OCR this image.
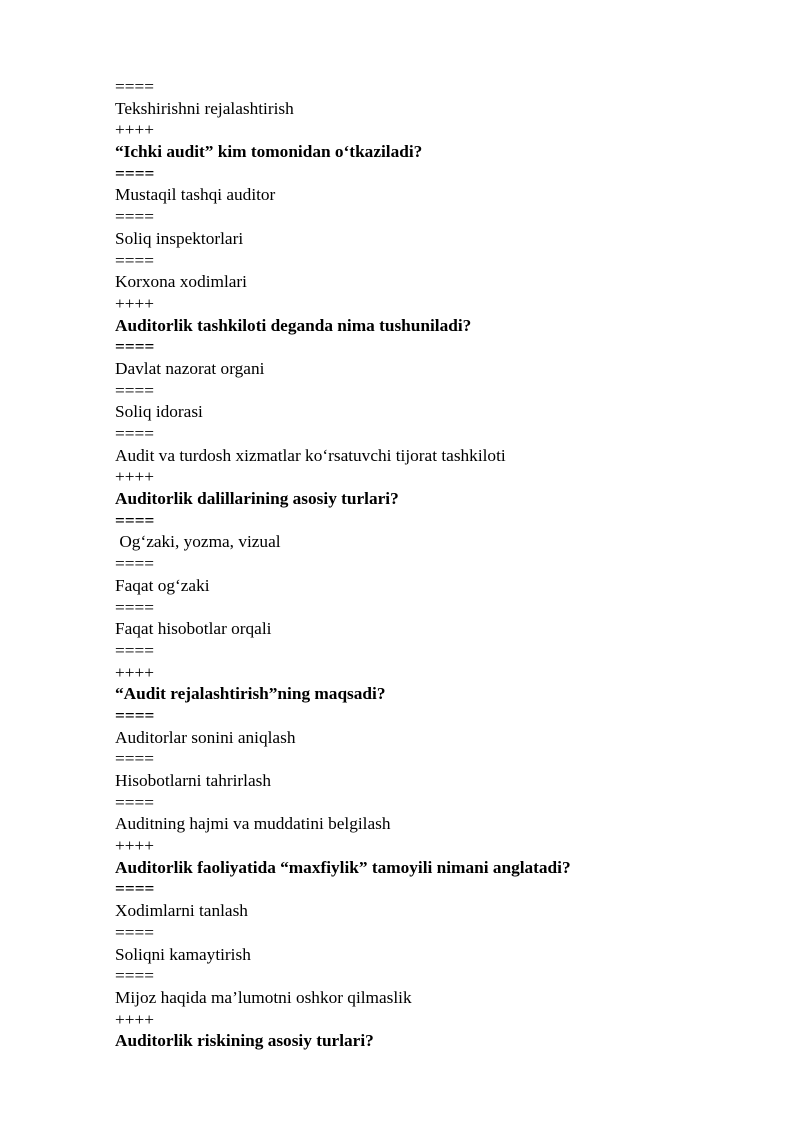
====
Tekshirishni rejalashtirish
++++
“Ichki audit” kim tomonidan o‘tkaziladi?
====
Mustaqil tashqi auditor
====
Soliq inspektorlari
====
Korxona xodimlari
++++
Auditorlik tashkiloti deganda nima tushuniladi?
====
Davlat nazorat organi
====
Soliq idorasi
====
Audit va turdosh xizmatlar ko‘rsatuvchi tijorat tashkiloti
++++
Auditorlik dalillarining asosiy turlari?
====
Og‘zaki, yozma, vizual
====
Faqat og‘zaki
====
Faqat hisobotlar orqali
====
++++
“Audit rejalashtirish”ning maqsadi?
====
Auditorlar sonini aniqlash
====
Hisobotlarni tahrirlash
====
Auditning hajmi va muddatini belgilash
++++
Auditorlik faoliyatida “maxfiylik” tamoyili nimani anglatadi?
====
Xodimlarni tanlash
====
Soliqni kamaytirish
====
Mijoz haqida ma’lumotni oshkor qilmaslik
++++
Auditorlik riskining asosiy turlari?
